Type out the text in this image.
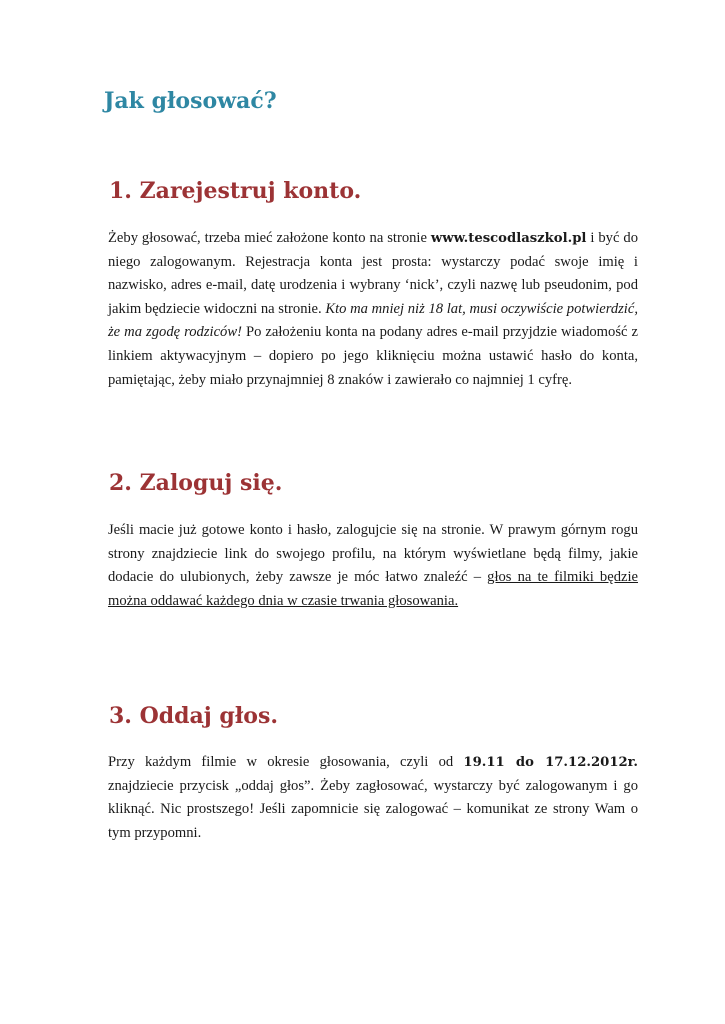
Jak głosować?
1. Zarejestruj konto.

Żeby głosować, trzeba mieć założone konto na stronie www.tescodlaszkol.pl i być do niego zalogowanym. Rejestracja konta jest prosta: wystarczy podać swoje imię i nazwisko, adres e-mail, datę urodzenia i wybrany ‘nick’, czyli nazwę lub pseudonim, pod jakim będziecie widoczni na stronie. Kto ma mniej niż 18 lat, musi oczywiście potwierdzić, że ma zgodę rodziców! Po założeniu konta na podany adres e-mail przyjdzie wiadomość z linkiem aktywacyjnym – dopiero po jego kliknięciu można ustawić hasło do konta, pamiętając, żeby miało przynajmniej 8 znaków i zawierało co najmniej 1 cyfrę.

2. Zaloguj się.

Jeśli macie już gotowe konto i hasło, zalogujcie się na stronie. W prawym górnym rogu strony znajdziecie link do swojego profilu, na którym wyświetlane będą filmy, jakie dodacie do ulubionych, żeby zawsze je móc łatwo znaleźć – głos na te filmiki będzie można oddawać każdego dnia w czasie trwania głosowania.

3. Oddaj głos.

Przy każdym filmie w okresie głosowania, czyli od 19.11 do 17.12.2012r. znajdziecie przycisk „oddaj głos”. Żeby zagłosować, wystarczy być zalogowanym i go kliknąć. Nic prostszego! Jeśli zapomnicie się zalogować – komunikat ze strony Wam o tym przypomni.
